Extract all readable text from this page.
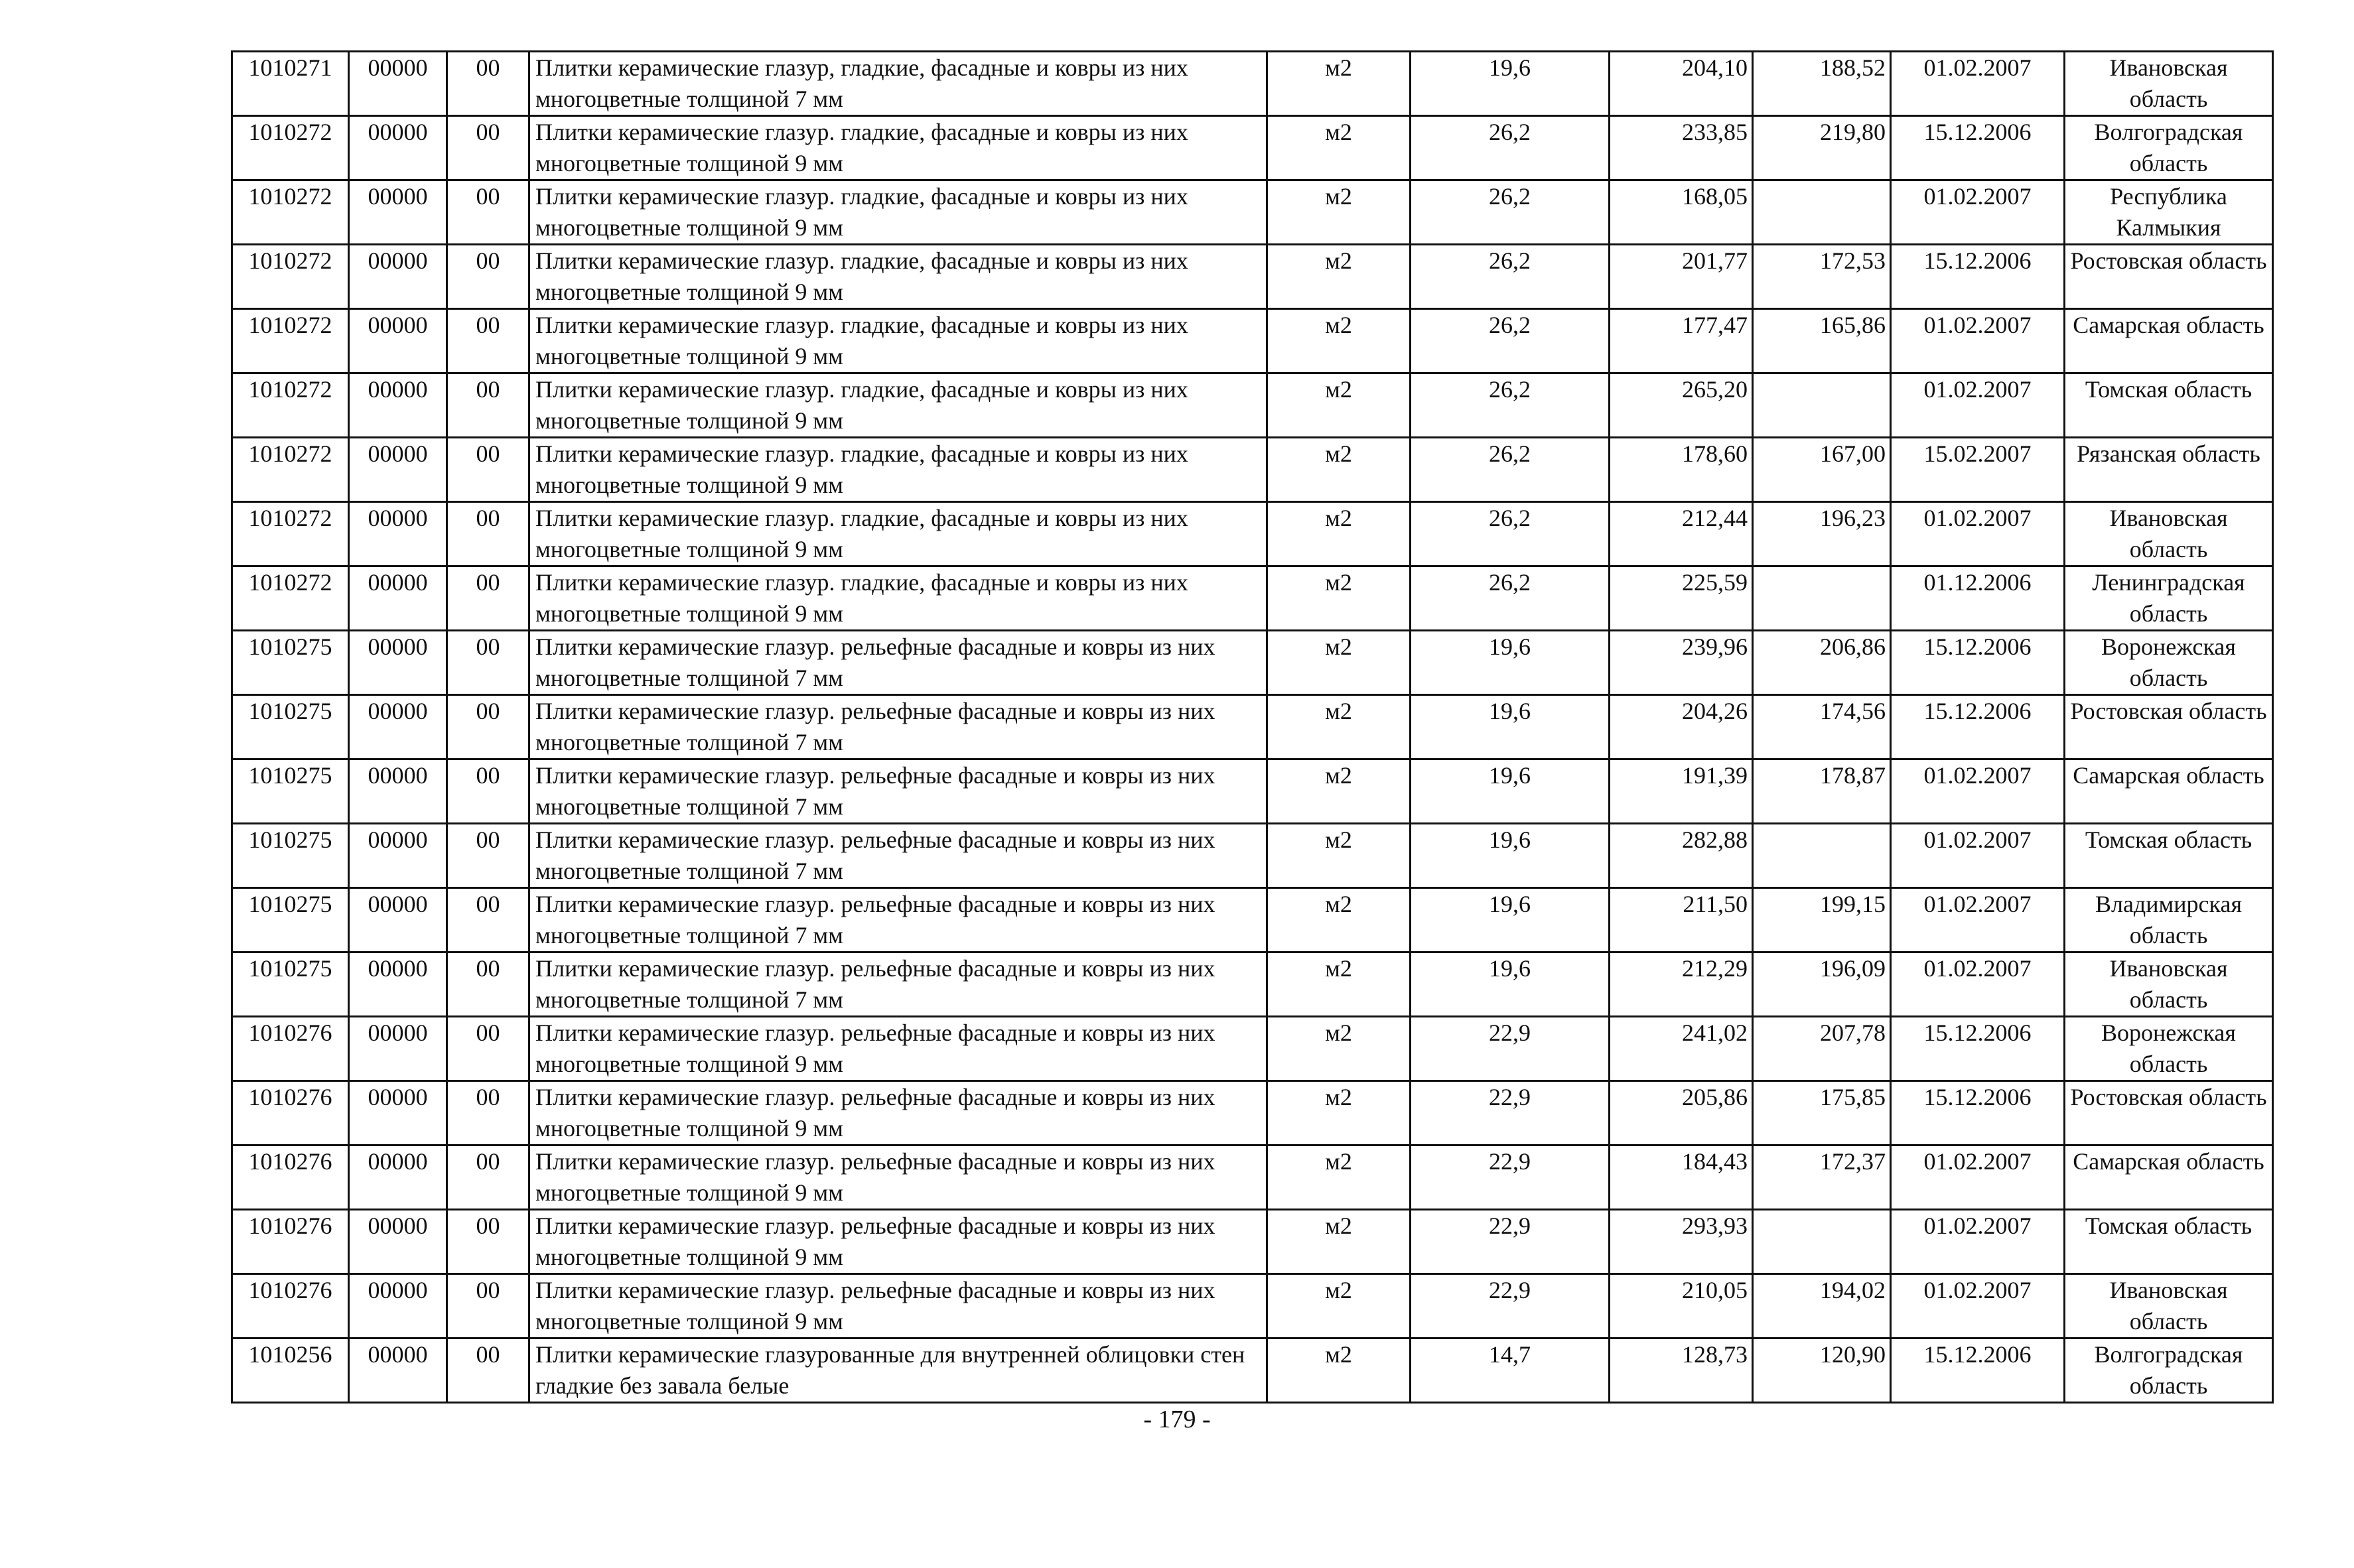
1010271	00000	00	Плитки керамические глазур, гладкие, фасадные и ковры из них многоцветные толщиной 7 мм	м2	19,6	204,10	188,52	01.02.2007	Ивановская область
1010272	00000	00	Плитки керамические глазур. гладкие, фасадные и ковры из них многоцветные толщиной 9 мм	м2	26,2	233,85	219,80	15.12.2006	Волгоградская область
1010272	00000	00	Плитки керамические глазур. гладкие, фасадные и ковры из них многоцветные толщиной 9 мм	м2	26,2	168,05		01.02.2007	Республика Калмыкия
1010272	00000	00	Плитки керамические глазур. гладкие, фасадные и ковры из них многоцветные толщиной 9 мм	м2	26,2	201,77	172,53	15.12.2006	Ростовская область
1010272	00000	00	Плитки керамические глазур. гладкие, фасадные и ковры из них многоцветные толщиной 9 мм	м2	26,2	177,47	165,86	01.02.2007	Самарская область
1010272	00000	00	Плитки керамические глазур. гладкие, фасадные и ковры из них многоцветные толщиной 9 мм	м2	26,2	265,20		01.02.2007	Томская область
1010272	00000	00	Плитки керамические глазур. гладкие, фасадные и ковры из них многоцветные толщиной 9 мм	м2	26,2	178,60	167,00	15.02.2007	Рязанская область
1010272	00000	00	Плитки керамические глазур. гладкие, фасадные и ковры из них многоцветные толщиной 9 мм	м2	26,2	212,44	196,23	01.02.2007	Ивановская область
1010272	00000	00	Плитки керамические глазур. гладкие, фасадные и ковры из них многоцветные толщиной 9 мм	м2	26,2	225,59		01.12.2006	Ленинградская область
1010275	00000	00	Плитки керамические глазур. рельефные фасадные и ковры из них многоцветные толщиной 7 мм	м2	19,6	239,96	206,86	15.12.2006	Воронежская область
1010275	00000	00	Плитки керамические глазур. рельефные фасадные и ковры из них многоцветные толщиной 7 мм	м2	19,6	204,26	174,56	15.12.2006	Ростовская область
1010275	00000	00	Плитки керамические глазур. рельефные фасадные и ковры из них многоцветные толщиной 7 мм	м2	19,6	191,39	178,87	01.02.2007	Самарская область
1010275	00000	00	Плитки керамические глазур. рельефные фасадные и ковры из них многоцветные толщиной 7 мм	м2	19,6	282,88		01.02.2007	Томская область
1010275	00000	00	Плитки керамические глазур. рельефные фасадные и ковры из них многоцветные толщиной 7 мм	м2	19,6	211,50	199,15	01.02.2007	Владимирская область
1010275	00000	00	Плитки керамические глазур. рельефные фасадные и ковры из них многоцветные толщиной 7 мм	м2	19,6	212,29	196,09	01.02.2007	Ивановская область
1010276	00000	00	Плитки керамические глазур. рельефные фасадные и ковры из них многоцветные толщиной 9 мм	м2	22,9	241,02	207,78	15.12.2006	Воронежская область
1010276	00000	00	Плитки керамические глазур. рельефные фасадные и ковры из них многоцветные толщиной 9 мм	м2	22,9	205,86	175,85	15.12.2006	Ростовская область
1010276	00000	00	Плитки керамические глазур. рельефные фасадные и ковры из них многоцветные толщиной 9 мм	м2	22,9	184,43	172,37	01.02.2007	Самарская область
1010276	00000	00	Плитки керамические глазур. рельефные фасадные и ковры из них многоцветные толщиной 9 мм	м2	22,9	293,93		01.02.2007	Томская область
1010276	00000	00	Плитки керамические глазур. рельефные фасадные и ковры из них многоцветные толщиной 9 мм	м2	22,9	210,05	194,02	01.02.2007	Ивановская область
1010256	00000	00	Плитки керамические глазурованные для внутренней облицовки стен гладкие без завала белые	м2	14,7	128,73	120,90	15.12.2006	Волгоградская область
- 179 -
